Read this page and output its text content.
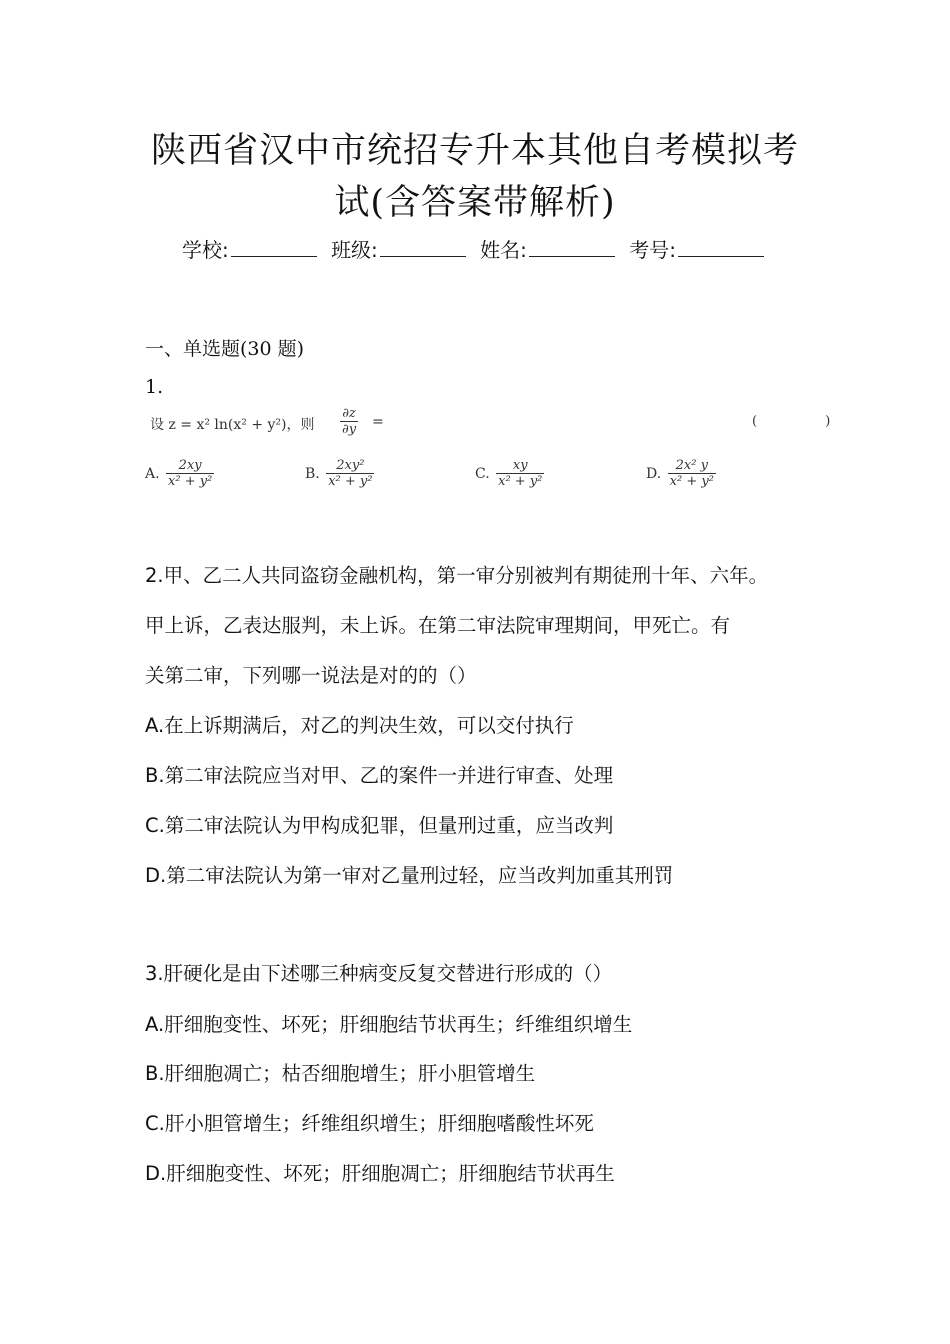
陕西省汉中市统招专升本其他自考模拟考
试(含答案带解析)
学校:	班级:	姓名:	考号:
一、单选题(30 题)
1.
设 z = x² ln(x² + y²)，则 $\frac{\partial z}{\partial y}$ =	( )
A. $\frac{2xy}{\text{x² + y²}}$	B. $\frac{\text{2xy²}}{\text{x² + y²}}$	C. $\frac{xy}{\text{x² + y²}}$	D. $\frac{\text{2x² y}}{\text{x² + y²}}$
2.甲、乙二人共同盗窃金融机构，第一审分别被判有期徒刑十年、六年。
甲上诉，乙表达服判，未上诉。在第二审法院审理期间，甲死亡。有
关第二审，下列哪一说法是对的的（）
A.在上诉期满后，对乙的判决生效，可以交付执行
B.第二审法院应当对甲、乙的案件一并进行审查、处理
C.第二审法院认为甲构成犯罪，但量刑过重，应当改判
D.第二审法院认为第一审对乙量刑过轻，应当改判加重其刑罚
3.肝硬化是由下述哪三种病变反复交替进行形成的（）
A.肝细胞变性、坏死；肝细胞结节状再生；纤维组织增生
B.肝细胞凋亡；枯否细胞增生；肝小胆管增生
C.肝小胆管增生；纤维组织增生；肝细胞嗜酸性坏死
D.肝细胞变性、坏死；肝细胞凋亡；肝细胞结节状再生
